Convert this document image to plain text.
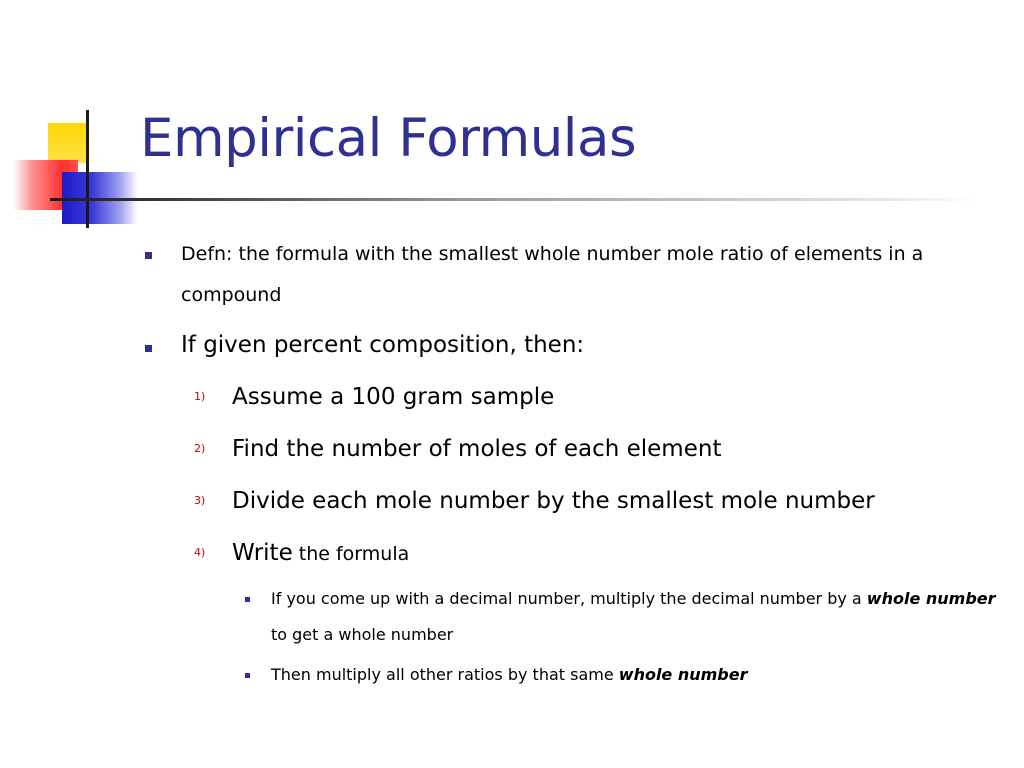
Empirical Formulas
Defn: the formula with the smallest whole number mole ratio of elements in a compound
If given percent composition, then:
1) Assume a 100 gram sample
2) Find the number of moles of each element
3) Divide each mole number by the smallest mole number
4) Write the formula
If you come up with a decimal number, multiply the decimal number by a whole number to get a whole number
Then multiply all other ratios by that same whole number
